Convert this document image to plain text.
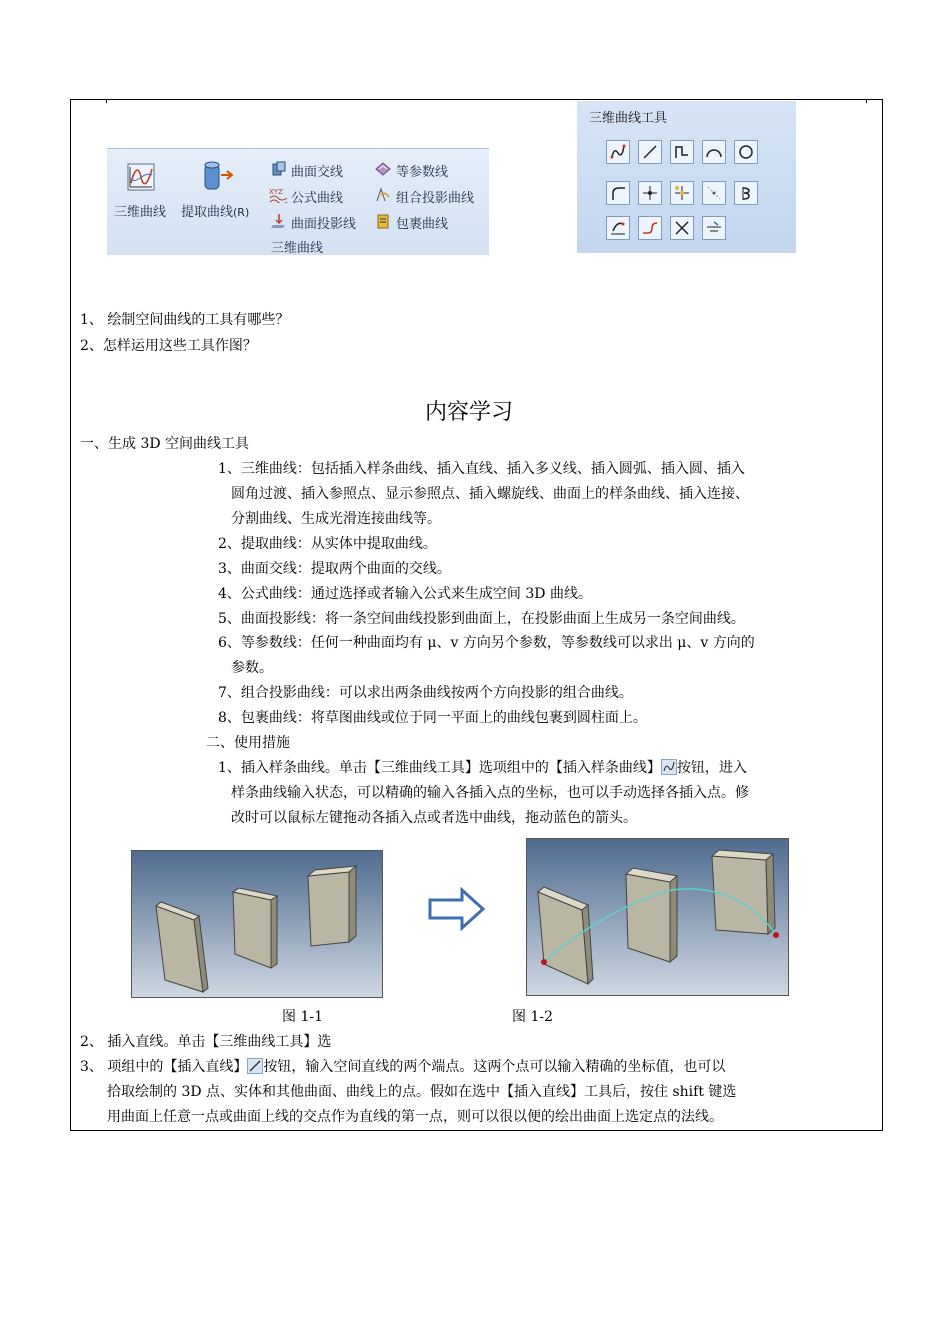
三维曲线 提取曲线(R)
曲面交线
XYZ 公式曲线
曲面投影线
等参数线
组合投影曲线
包裹曲线
三维曲线
三维曲线工具
1、 绘制空间曲线的工具有哪些？
2、怎样运用这些工具作图？
内容学习
一、生成 3D 空间曲线工具
1、三维曲线：包括插入样条曲线、插入直线、插入多义线、插入圆弧、插入圆、插入
圆角过渡、插入参照点、显示参照点、插入螺旋线、曲面上的样条曲线、插入连接、
分割曲线、生成光滑连接曲线等。
2、提取曲线：从实体中提取曲线。
3、曲面交线：提取两个曲面的交线。
4、公式曲线：通过选择或者输入公式来生成空间 3D 曲线。
5、曲面投影线：将一条空间曲线投影到曲面上，在投影曲面上生成另一条空间曲线。
6、等参数线：任何一种曲面均有 μ、v 方向另个参数，等参数线可以求出 μ、v 方向的
参数。
7、组合投影曲线：可以求出两条曲线按两个方向投影的组合曲线。
8、包裹曲线：将草图曲线或位于同一平面上的曲线包裹到圆柱面上。
二、使用措施
1、插入样条曲线。单击【三维曲线工具】选项组中的【插入样条曲线】 按钮，进入
样条曲线输入状态，可以精确的输入各插入点的坐标，也可以手动选择各插入点。修
改时可以鼠标左键拖动各插入点或者选中曲线，拖动蓝色的箭头。
图 1-1	图 1-2
2、 插入直线。单击【三维曲线工具】选
3、 项组中的【插入直线】 按钮，输入空间直线的两个端点。这两个点可以输入精确的坐标值，也可以
拾取绘制的 3D 点、实体和其他曲面、曲线上的点。假如在选中【插入直线】工具后，按住 shift 键选
用曲面上任意一点或曲面上线的交点作为直线的第一点，则可以很以便的绘出曲面上选定点的法线。
